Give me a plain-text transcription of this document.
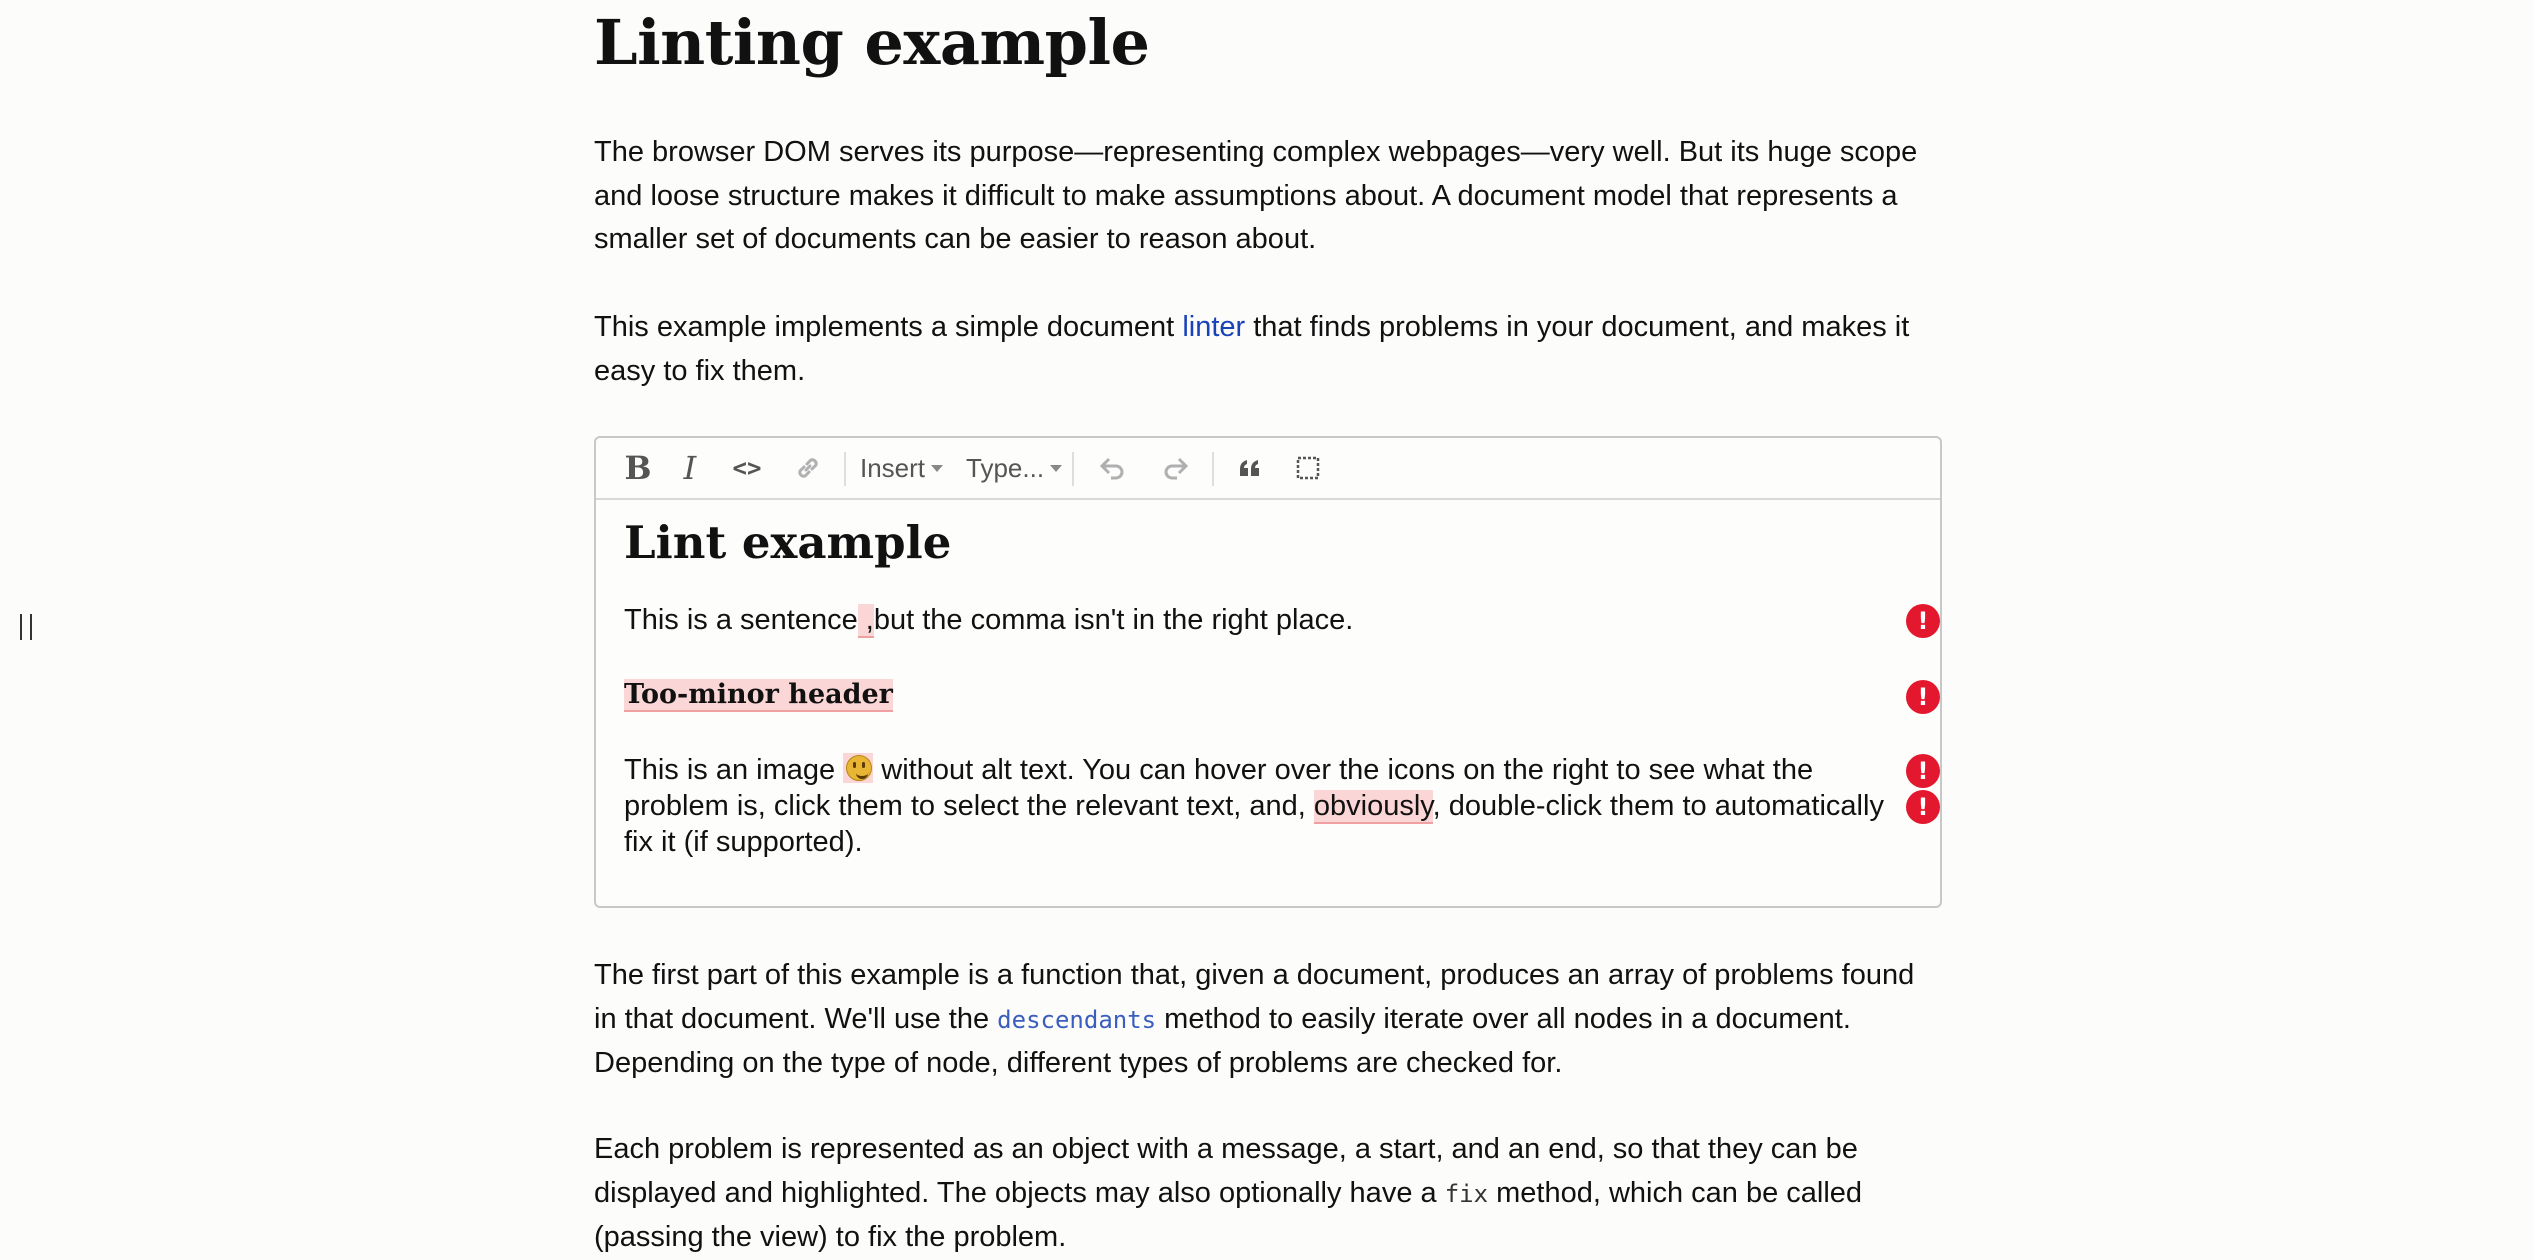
Linting example
The browser DOM serves its purpose—representing complex webpages—very well. But its huge scope and loose structure makes it difficult to make assumptions about. A document model that represents a smaller set of documents can be easier to reason about.
This example implements a simple document linter that finds problems in your document, and makes it easy to fix them.
B	I	<>	Insert Type...
Lint example
This is a sentence ,but the comma isn't in the right place.
Too-minor header
This is an image
without alt text. You can hover over the icons on the right to see what the problem is, click them to select the relevant text, and, obviously, double-click them to automatically fix it (if supported).
!
!
!
!
The first part of this example is a function that, given a document, produces an array of problems found in that document. We'll use the descendants method to easily iterate over all nodes in a document. Depending on the type of node, different types of problems are checked for.
Each problem is represented as an object with a message, a start, and an end, so that they can be displayed and highlighted. The objects may also optionally have a fix method, which can be called (passing the view) to fix the problem.
